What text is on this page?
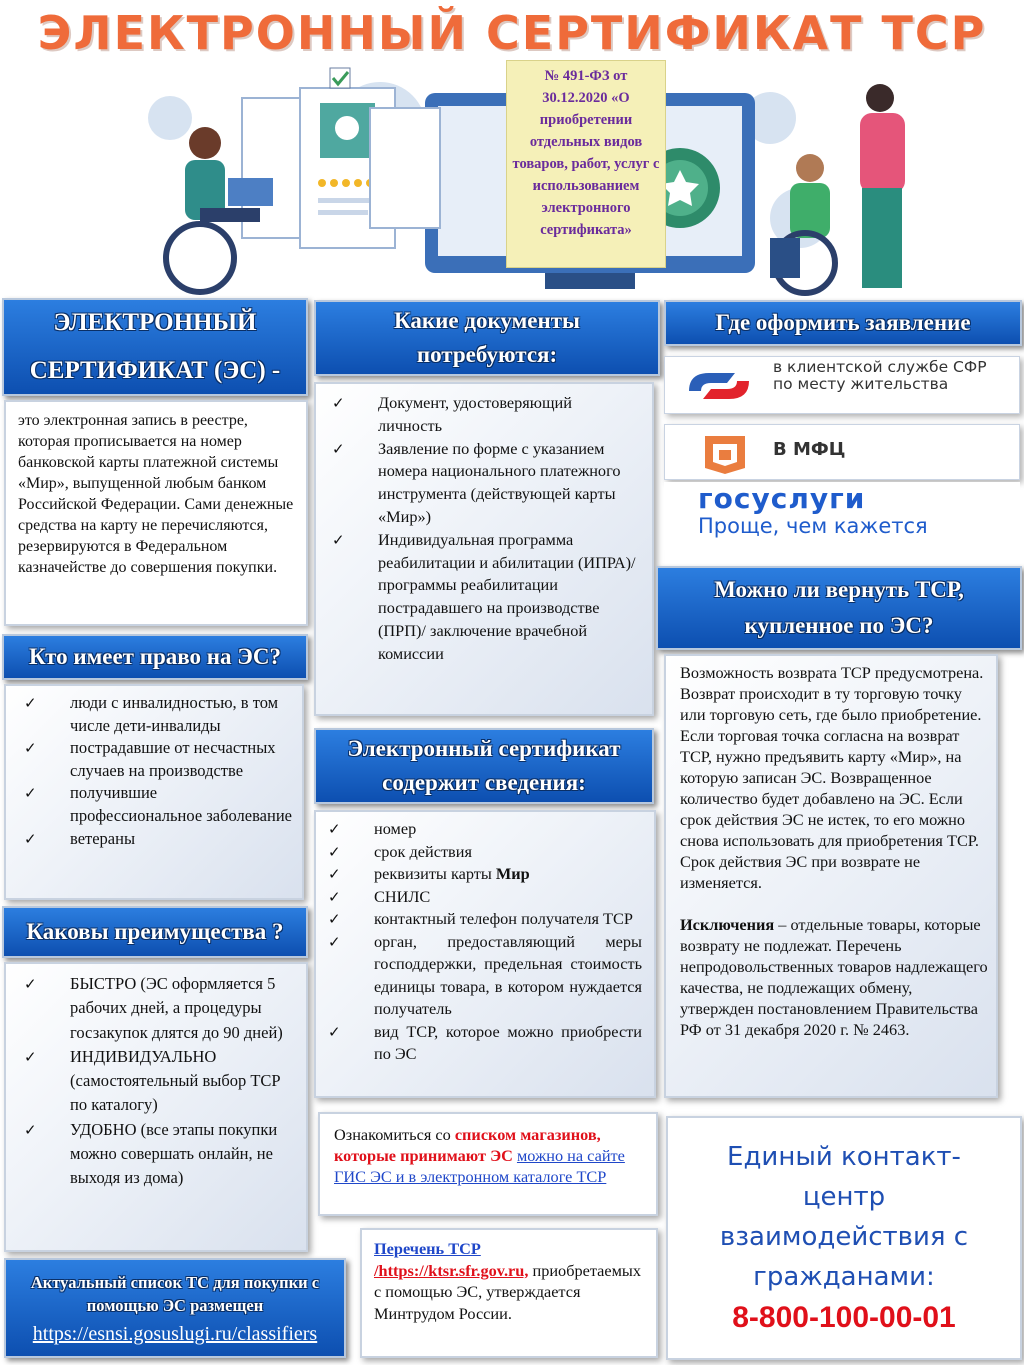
ЭЛЕКТРОННЫЙ СЕРТИФИКАТ ТСР
№ 491-ФЗ от 30.12.2020 «О приобретении отдельных видов товаров, работ, услуг с использованием электронного сертификата»
ЭЛЕКТРОННЫЙ
СЕРТИФИКАТ (ЭС) -

это электронная запись в реестре, которая прописывается на номер банковской карты платежной системы «Мир», выпущенной любым банком Российской Федерации. Сами денежные средства на карту не перечисляются, резервируются в Федеральном казначействе до совершения покупки.

Кто имеет право на ЭС?
✓ люди с инвалидностью, в том числе дети-инвалиды
✓ пострадавшие от несчастных случаев на производстве
✓ получившие профессиональное заболевание
✓ ветераны
Каковы преимущества ?
✓ БЫСТРО (ЭС оформляется 5 рабочих дней, а процедуры госзакупок длятся до 90 дней)
✓ ИНДИВИДУАЛЬНО (самостоятельный выбор ТСР по каталогу)
✓ УДОБНО (все этапы покупки можно совершать онлайн, не выходя из дома)
Актуальный список ТС для покупки с помощью ЭС размещен
https://esnsi.gosuslugi.ru/classifiers
Какие документы потребуются:
✓ Документ, удостоверяющий личность
✓ Заявление по форме с указанием номера национального платежного инструмента (действующей карты «Мир»)
✓ Индивидуальная программа реабилитации и абилитации (ИПРА)/ программы реабилитации пострадавшего на производстве (ПРП)/ заключение врачебной комиссии
Электронный сертификат содержит сведения:
✓ номер
✓ срок действия
✓ реквизиты карты Мир
✓ СНИЛС
✓ контактный телефон получателя ТСР
✓ орган, предоставляющий меры господдержки, предельная стоимость единицы товара, в котором нуждается получатель
✓ вид ТСР, которое можно приобрести по ЭС
Ознакомиться со списком магазинов, которые принимают ЭС можно на сайте ГИС ЭС и в электронном каталоге ТСР
Перечень ТСР
/https://ktsr.sfr.gov.ru, приобретаемых с помощью ЭС, утверждается Минтрудом России.
Где оформить заявление
в клиентской службе СФР по месту жительства
В МФЦ
госуслуги
Проще, чем кажется
Можно ли вернуть ТСР, купленное по ЭС?

Возможность возврата ТСР предусмотрена. Возврат происходит в ту торговую точку или торговую сеть, где было приобретение. Если торговая точка согласна на возврат ТСР, нужно предъявить карту «Мир», на которую записан ЭС. Возвращенное количество будет добавлено на ЭС. Если срок действия ЭС не истек, то его можно снова использовать для приобретения ТСР. Срок действия ЭС при возврате не изменяется.

Исключения – отдельные товары, которые возврату не подлежат. Перечень непродовольственных товаров надлежащего качества, не подлежащих обмену, утвержден постановлением Правительства РФ от 31 декабря 2020 г. № 2463.

Единый контакт-центр взаимодействия с гражданами:
8-800-100-00-01
